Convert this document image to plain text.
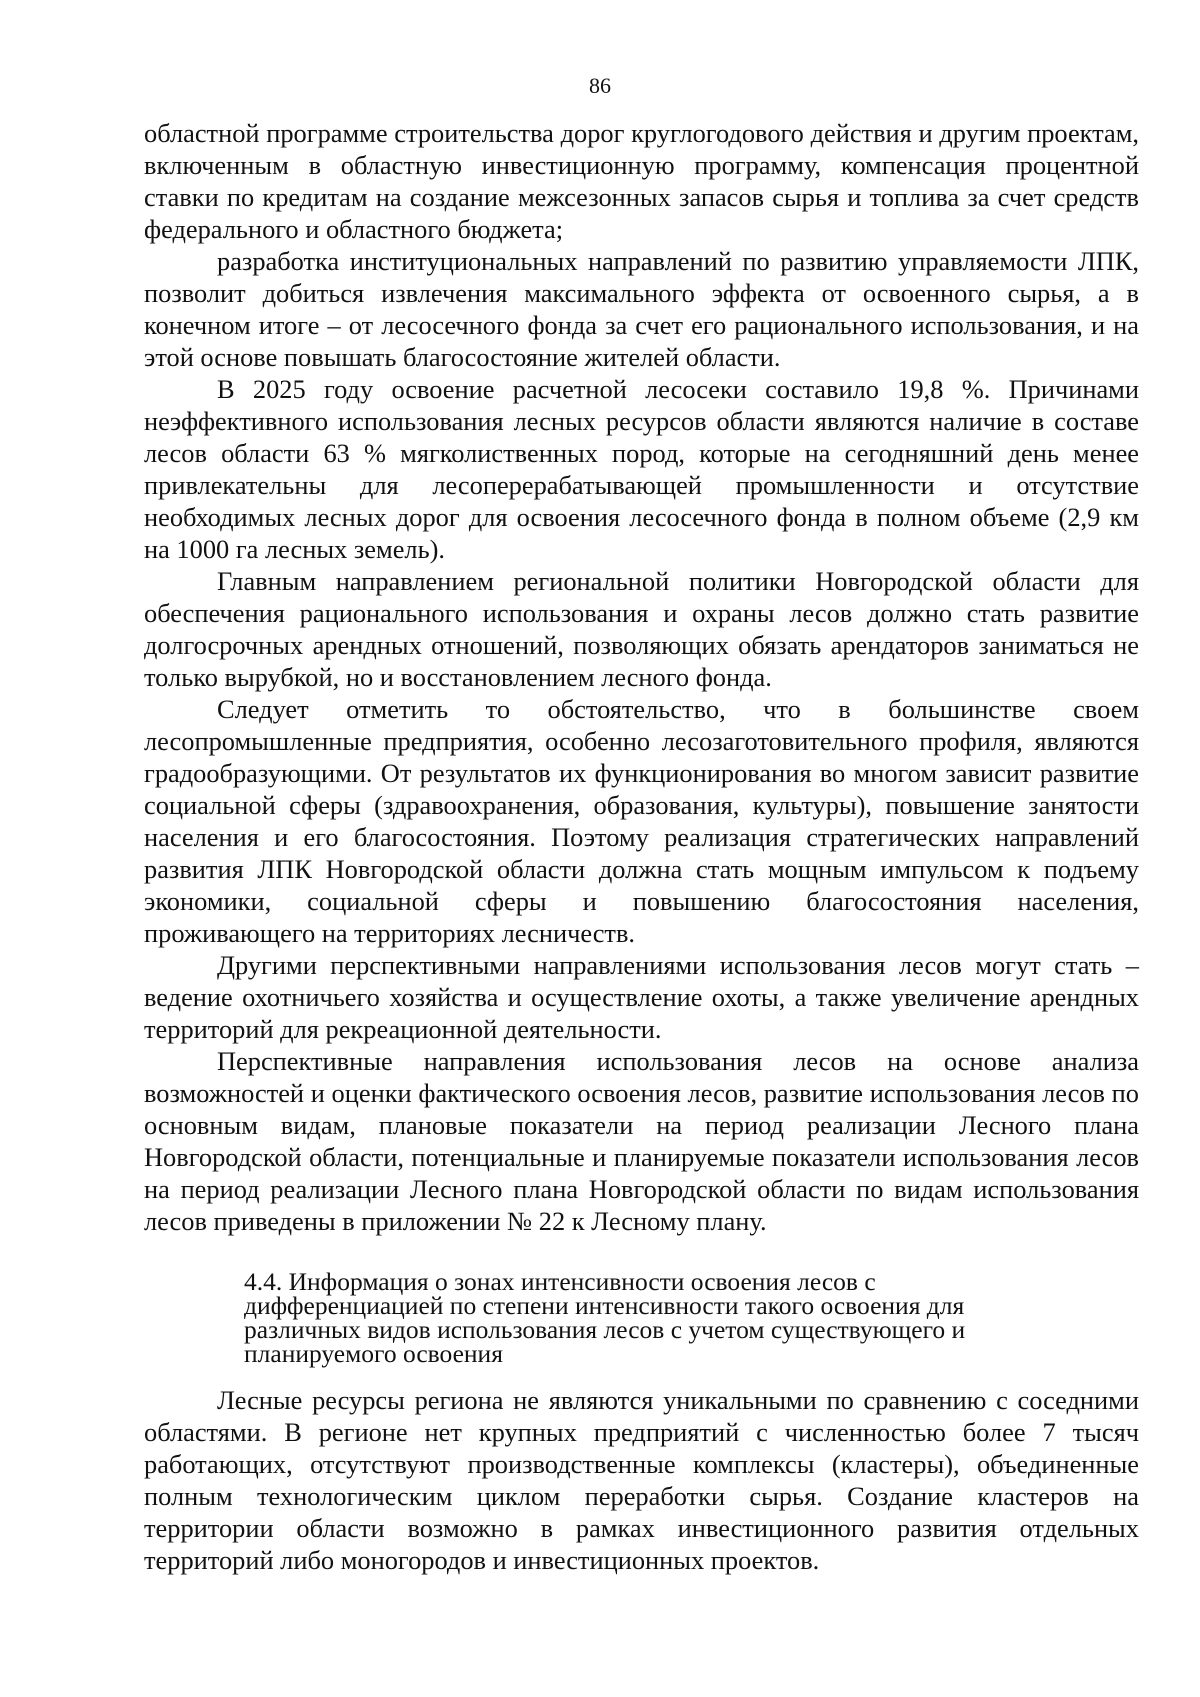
86

областной программе строительства дорог круглогодового действия и другим проектам, включенным в областную инвестиционную программу, компенсация процентной ставки по кредитам на создание межсезонных запасов сырья и топлива за счет средств федерального и областного бюджета;

разработка институциональных направлений по развитию управляемости ЛПК, позволит добиться извлечения максимального эффекта от освоенного сырья, а в конечном итоге – от лесосечного фонда за счет его рационального использования, и на этой основе повышать благосостояние жителей области.

В 2025 году освоение расчетной лесосеки составило 19,8 %. Причинами неэффективного использования лесных ресурсов области являются наличие в составе лесов области 63 % мягколиственных пород, которые на сегодняшний день менее привлекательны для лесоперерабатывающей промышленности и отсутствие необходимых лесных дорог для освоения лесосечного фонда в полном объеме (2,9 км на 1000 га лесных земель).

Главным направлением региональной политики Новгородской области для обеспечения рационального использования и охраны лесов должно стать развитие долгосрочных арендных отношений, позволяющих обязать арендаторов заниматься не только вырубкой, но и восстановлением лесного фонда.

Следует отметить то обстоятельство, что в большинстве своем лесопромышленные предприятия, особенно лесозаготовительного профиля, являются градообразующими. От результатов их функционирования во многом зависит развитие социальной сферы (здравоохранения, образования, культуры), повышение занятости населения и его благосостояния. Поэтому реализация стратегических направлений развития ЛПК Новгородской области должна стать мощным импульсом к подъему экономики, социальной сферы и повышению благосостояния населения, проживающего на территориях лесничеств.

Другими перспективными направлениями использования лесов могут стать – ведение охотничьего хозяйства и осуществление охоты, а также увеличение арендных территорий для рекреационной деятельности.

Перспективные направления использования лесов на основе анализа возможностей и оценки фактического освоения лесов, развитие использования лесов по основным видам, плановые показатели на период реализации Лесного плана Новгородской области, потенциальные и планируемые показатели использования лесов на период реализации Лесного плана Новгородской области по видам использования лесов приведены в приложении № 22 к Лесному плану.

4.4. Информация о зонах интенсивности освоения лесов с дифференциацией по степени интенсивности такого освоения для различных видов использования лесов с учетом существующего и планируемого освоения

Лесные ресурсы региона не являются уникальными по сравнению с соседними областями. В регионе нет крупных предприятий с численностью более 7 тысяч работающих, отсутствуют производственные комплексы (кластеры), объединенные полным технологическим циклом переработки сырья. Создание кластеров на территории области возможно в рамках инвестиционного развития отдельных территорий либо моногородов и инвестиционных проектов.
